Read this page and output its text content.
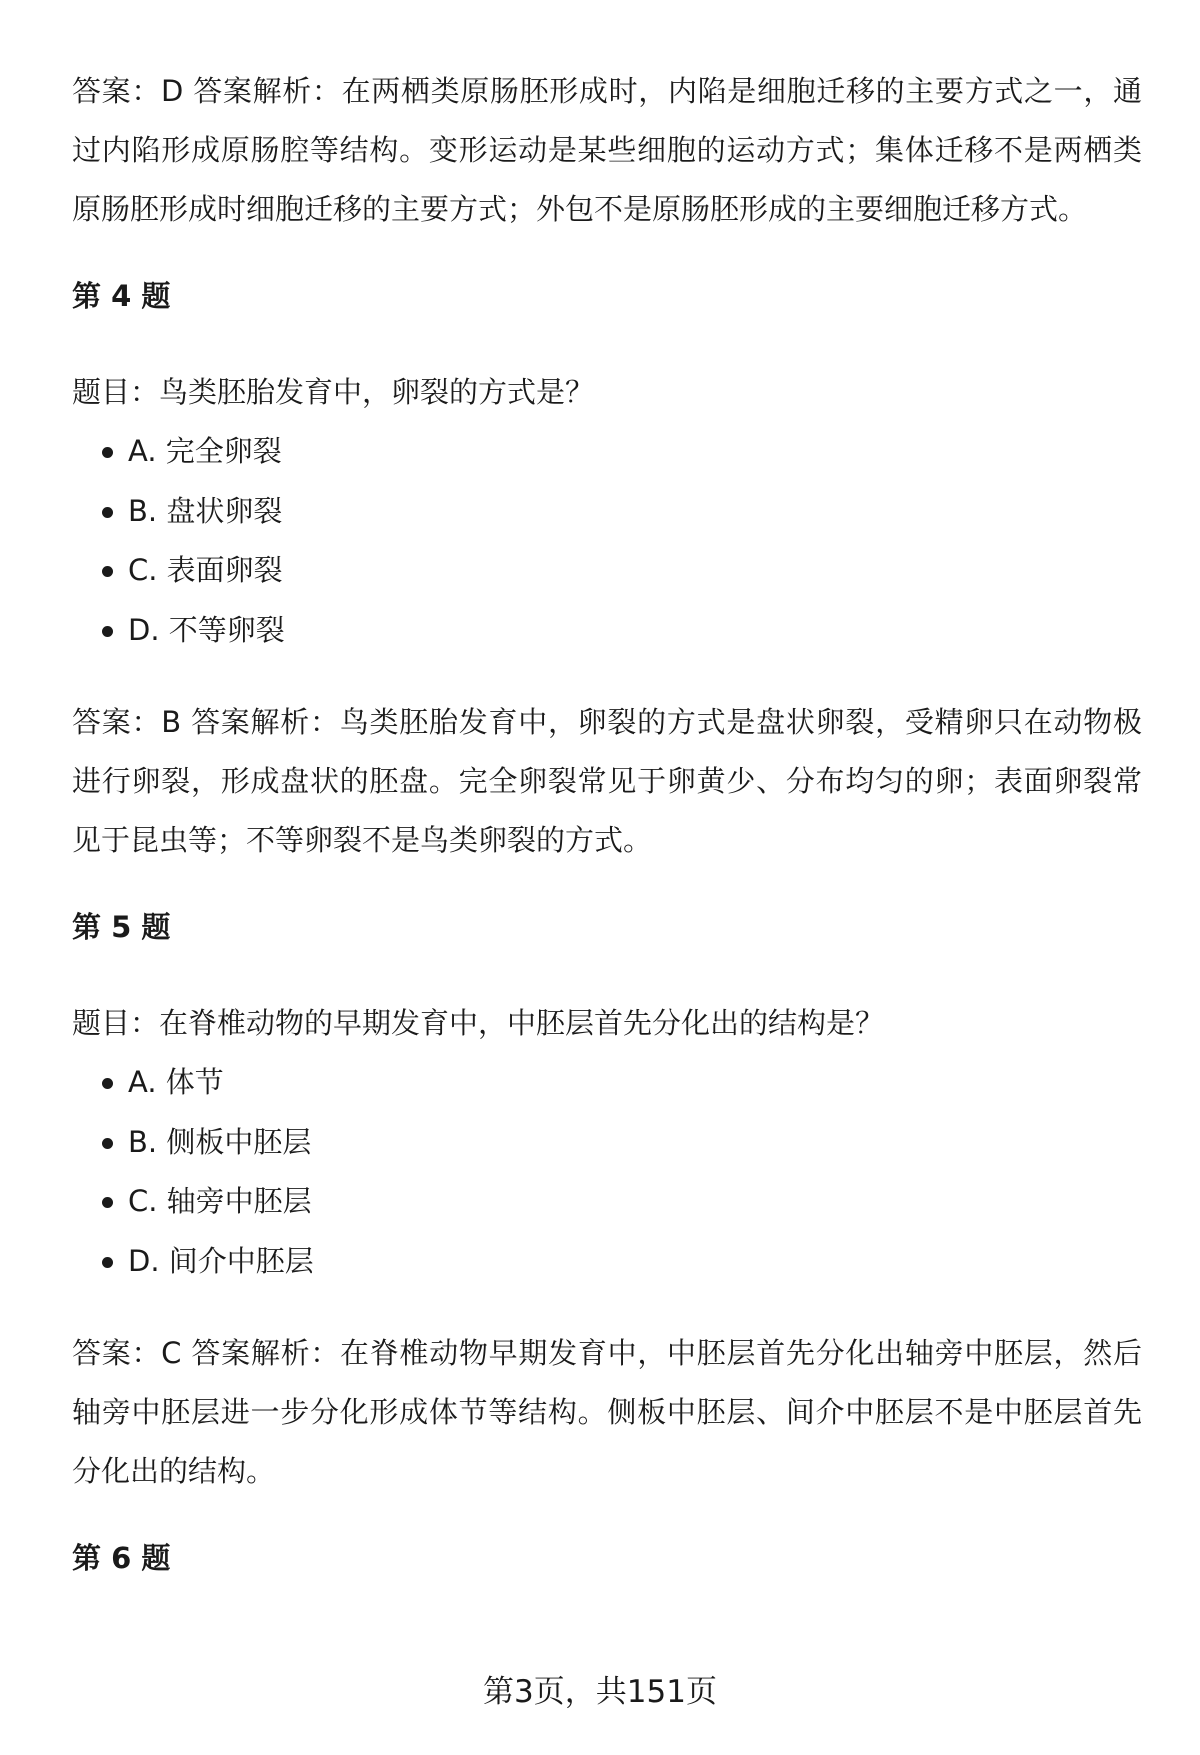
答案：D 答案解析：在两栖类原肠胚形成时，内陷是细胞迁移的主要方式之一，通过内陷形成原肠腔等结构。变形运动是某些细胞的运动方式；集体迁移不是两栖类原肠胚形成时细胞迁移的主要方式；外包不是原肠胚形成的主要细胞迁移方式。

第 4 题

题目：鸟类胚胎发育中，卵裂的方式是？

A. 完全卵裂
B. 盘状卵裂
C. 表面卵裂
D. 不等卵裂

答案：B 答案解析：鸟类胚胎发育中，卵裂的方式是盘状卵裂，受精卵只在动物极进行卵裂，形成盘状的胚盘。完全卵裂常见于卵黄少、分布均匀的卵；表面卵裂常见于昆虫等；不等卵裂不是鸟类卵裂的方式。

第 5 题

题目：在脊椎动物的早期发育中，中胚层首先分化出的结构是？

A. 体节
B. 侧板中胚层
C. 轴旁中胚层
D. 间介中胚层

答案：C 答案解析：在脊椎动物早期发育中，中胚层首先分化出轴旁中胚层，然后轴旁中胚层进一步分化形成体节等结构。侧板中胚层、间介中胚层不是中胚层首先分化出的结构。

第 6 题
第3页，共151页
